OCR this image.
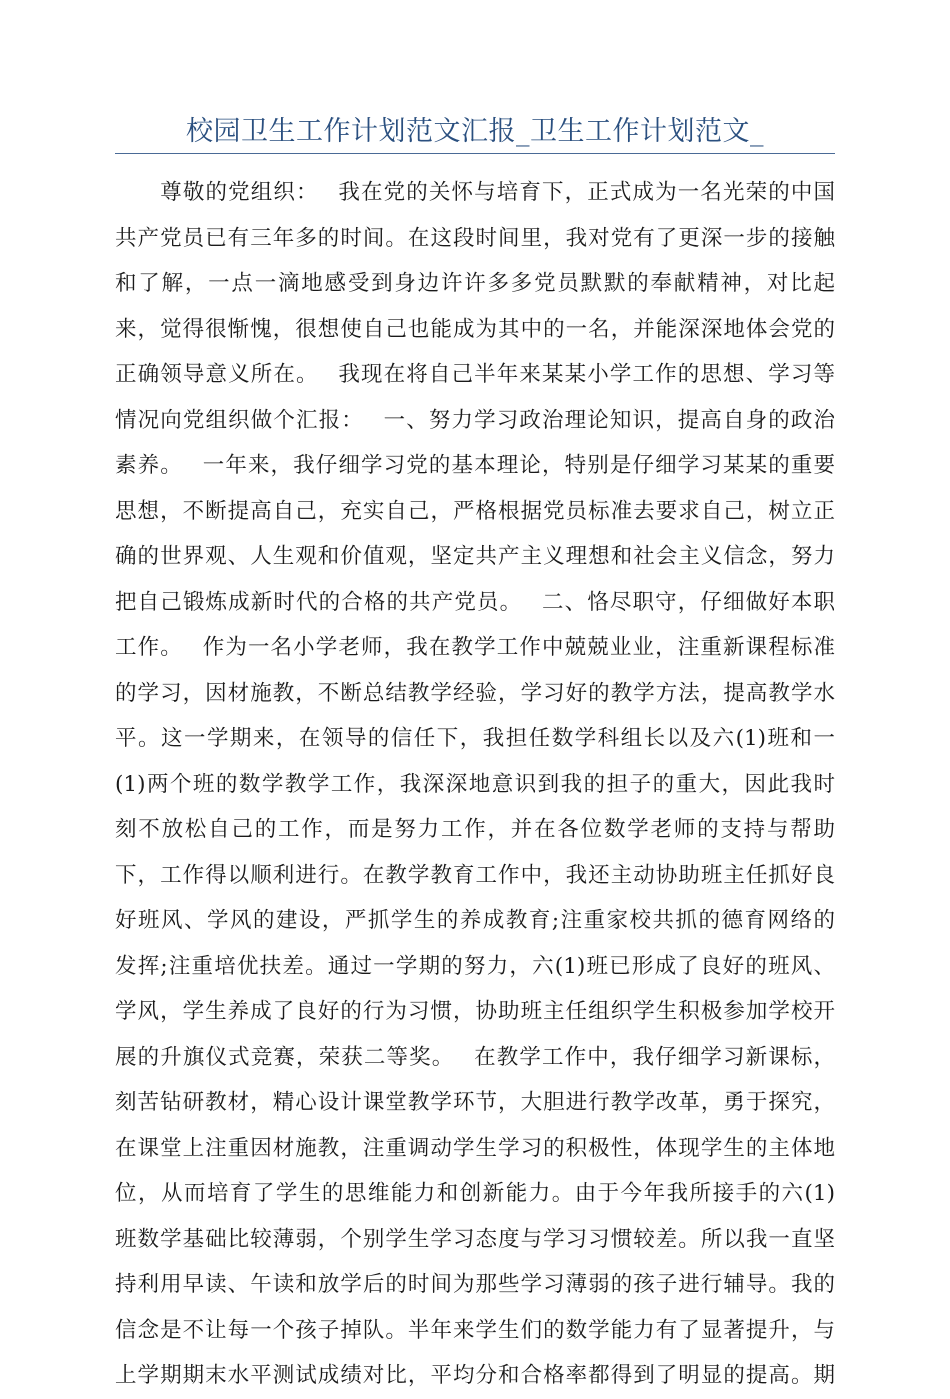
校园卫生工作计划范文汇报_卫生工作计划范文_
　　尊敬的党组织：　 我在党的关怀与培育下，正式成为一名光荣的中国
共产党员已有三年多的时间。在这段时间里，我对党有了更深一步的接触
和了解，一点一滴地感受到身边许许多多党员默默的奉献精神，对比起
来，觉得很惭愧，很想使自己也能成为其中的一名，并能深深地体会党的
正确领导意义所在。　 我现在将自己半年来某某小学工作的思想、学习等
情况向党组织做个汇报：　 一、努力学习政治理论知识，提高自身的政治
素养。　 一年来，我仔细学习党的基本理论，特别是仔细学习某某的重要
思想，不断提高自己，充实自己，严格根据党员标准去要求自己，树立正
确的世界观、人生观和价值观，坚定共产主义理想和社会主义信念，努力
把自己锻炼成新时代的合格的共产党员。　 二、恪尽职守，仔细做好本职
工作。　 作为一名小学老师，我在教学工作中兢兢业业，注重新课程标准
的学习，因材施教，不断总结教学经验，学习好的教学方法，提高教学水
平。这一学期来，在领导的信任下，我担任数学科组长以及六(1)班和一
(1)两个班的数学教学工作，我深深地意识到我的担子的重大，因此我时
刻不放松自己的工作，而是努力工作，并在各位数学老师的支持与帮助
下，工作得以顺利进行。在教学教育工作中，我还主动协助班主任抓好良
好班风、学风的建设，严抓学生的养成教育;注重家校共抓的德育网络的
发挥;注重培优扶差。通过一学期的努力，六(1)班已形成了良好的班风、
学风，学生养成了良好的行为习惯，协助班主任组织学生积极参加学校开
展的升旗仪式竞赛，荣获二等奖。　 在教学工作中，我仔细学习新课标，
刻苦钻研教材，精心设计课堂教学环节，大胆进行教学改革，勇于探究，
在课堂上注重因材施教，注重调动学生学习的积极性，体现学生的主体地
位，从而培育了学生的思维能力和创新能力。由于今年我所接手的六(1)
班数学基础比较薄弱，个别学生学习态度与学习习惯较差。所以我一直坚
持利用早读、午读和放学后的时间为那些学习薄弱的孩子进行辅导。我的
信念是不让每一个孩子掉队。半年来学生们的数学能力有了显著提升，与
上学期期末水平测试成绩对比，平均分和合格率都得到了明显的提高。期
